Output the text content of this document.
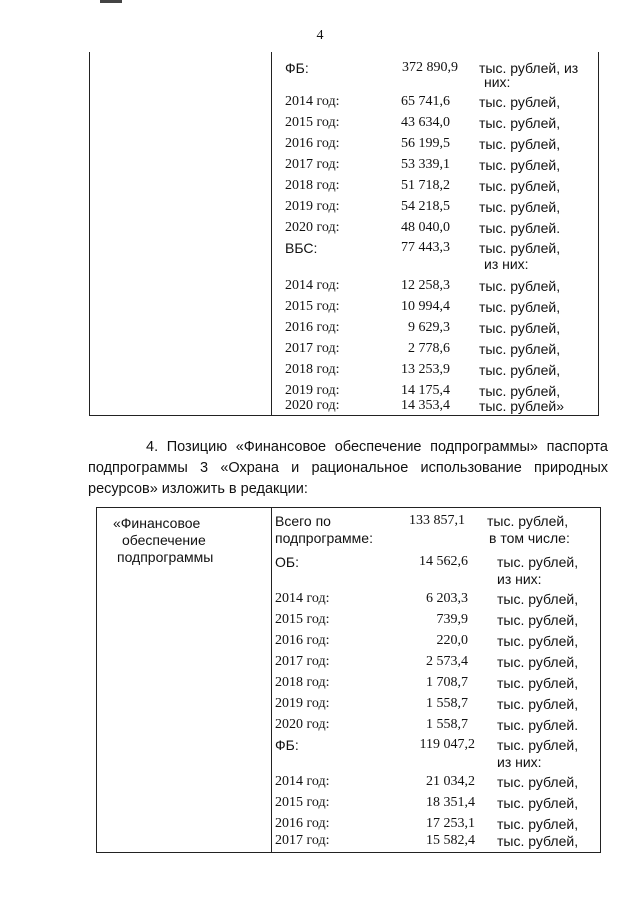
4
ФБ:	372 890,9 тыс. рублей, из
них:
2014 год:	65 741,6 тыс. рублей,
2015 год:	43 634,0 тыс. рублей,
2016 год:	56 199,5 тыс. рублей,
2017 год:	53 339,1 тыс. рублей,
2018 год:	51 718,2 тыс. рублей,
2019 год:	54 218,5 тыс. рублей,
2020 год:	48 040,0 тыс. рублей.
ВБС:	77 443,3 тыс. рублей,
из них:
2014 год:	12 258,3 тыс. рублей,
2015 год:	10 994,4 тыс. рублей,
2016 год:	9 629,3 тыс. рублей,
2017 год:	2 778,6 тыс. рублей,
2018 год:	13 253,9 тыс. рублей,
2019 год:	14 175,4 тыс. рублей,
2020 год:	14 353,4 тыс. рублей»
4. Позицию «Финансовое обеспечение подпрограммы» паспорта
подпрограммы 3 «Охрана и рациональное использование природных
ресурсов» изложить в редакции:
«Финансовое
обеспечение
подпрограммы
Всего по
подпрограмме:
133 857,1 тыс. рублей,
в том числе:
ОБ:	14 562,6 тыс. рублей,
из них:
2014 год:	6 203,3 тыс. рублей,
2015 год:	739,9 тыс. рублей,
2016 год:	220,0 тыс. рублей,
2017 год:	2 573,4 тыс. рублей,
2018 год:	1 708,7 тыс. рублей,
2019 год:	1 558,7 тыс. рублей,
2020 год:	1 558,7 тыс. рублей.
ФБ:	119 047,2 тыс. рублей,
из них:
2014 год:	21 034,2 тыс. рублей,
2015 год:	18 351,4 тыс. рублей,
2016 год:	17 253,1 тыс. рублей,
2017 год:	15 582,4 тыс. рублей,
